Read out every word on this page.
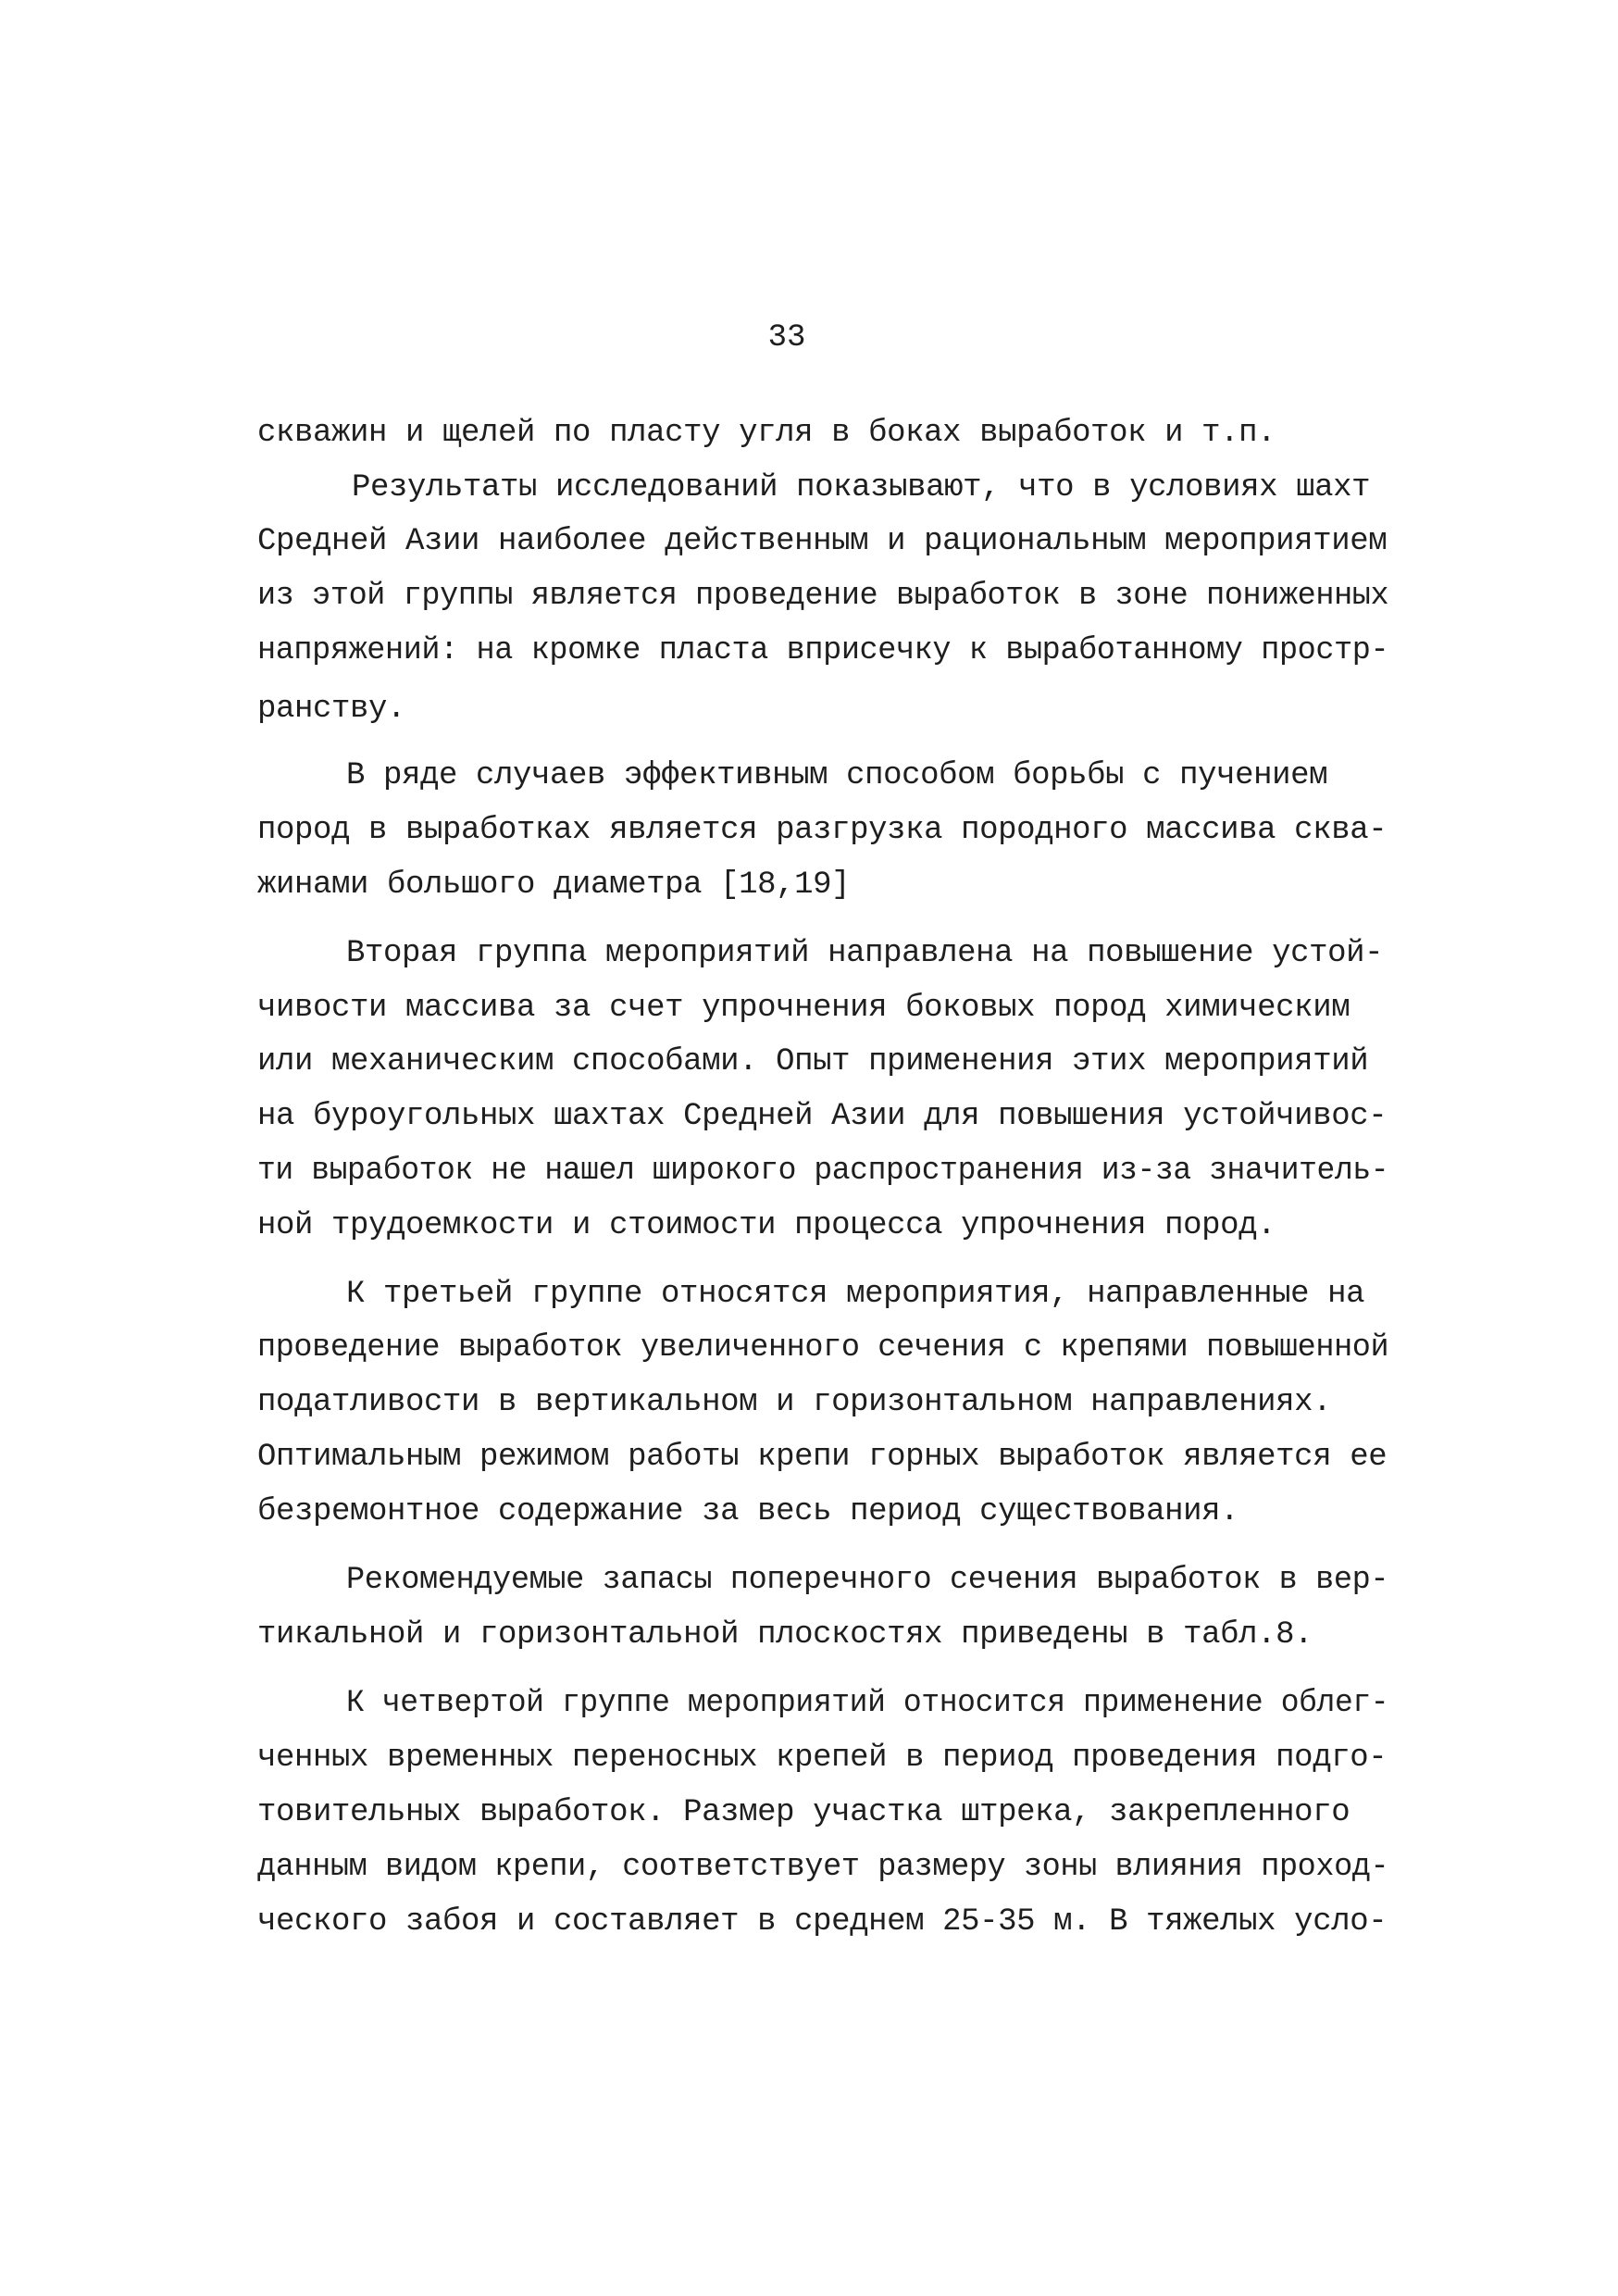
33
скважин и щелей по пласту угля в боках выработок и т.п.
Результаты исследований показывают, что в условиях шахт
Средней Азии наиболее действенным и рациональным мероприятием
из этой группы является проведение выработок в зоне пониженных
напряжений: на кромке пласта вприсечку к выработанному простр-
ранству.
В ряде случаев эффективным способом борьбы с пучением
пород в выработках является разгрузка породного массива сква-
жинами большого диаметра [18,19]
Вторая группа мероприятий направлена на повышение устой-
чивости массива за счет упрочнения боковых пород химическим
или механическим способами. Опыт применения этих мероприятий
на буроугольных шахтах Средней Азии для повышения устойчивос-
ти выработок не нашел широкого распространения из-за значитель-
ной трудоемкости и стоимости процесса упрочнения пород.
К третьей группе относятся мероприятия, направленные на
проведение выработок увеличенного сечения с крепями повышенной
податливости в вертикальном и горизонтальном направлениях.
Оптимальным режимом работы крепи горных выработок является ее
безремонтное содержание за весь период существования.
Рекомендуемые запасы поперечного сечения выработок в вер-
тикальной и горизонтальной плоскостях приведены в табл.8.
К четвертой группе мероприятий относится применение облег-
ченных временных переносных крепей в период проведения подго-
товительных выработок. Размер участка штрека, закрепленного
данным видом крепи, соответствует размеру зоны влияния проход-
ческого забоя и составляет в среднем 25-35 м. В тяжелых усло-
